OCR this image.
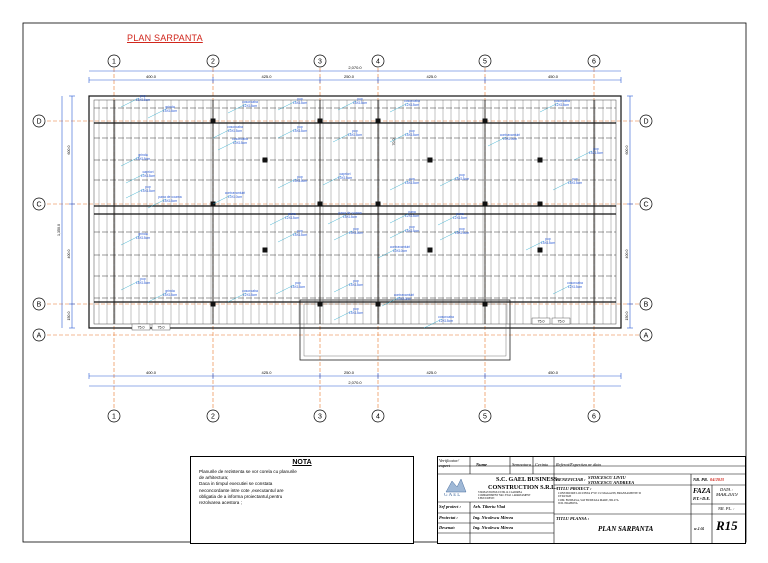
1
1
2
2
3
3
4
4
5
5
6
6
D	D
C	C
B	B
A	A
75.0	75.0
75.0	75.0
70.0
400.0	425.0	250.0	425.0	450.0
400.0	425.0	250.0	425.0	450.0
2,070.0
2,070.0
600.0
400.0
150.0
600.0
400.0
150.0
1,350.0
pop
15X15cm
grinda
15X15cm
cosoroaba
12X15cm
pop
15X15cm
pop
15X15cm
cosoroaba
12X15cm
cosoroaba
12X15cm
cosoroaba
10X15cm
cosoroaba
10X15cm
pop
15X15cm	pop
15X15cm
pop
15X15cm	contravantuiri
10X10cm
pop
15X15cm
grinda
15X15cm
capriori
10X15cm	pop
15X15cm
capriori
10X15cm	pop
15X15cm
pop
15X15cm	pop
15X15cm
pop
15X15cm
pana de coama
15X15cm
contravantuiri
10X10cm
pana
12X15cm
pana de coama
15X15cm
pana
12X15cm
pana
12X15cm
grinda
15X15cm
pop
15X15cm
pop
15X15cm
pop
15X15cm
contravantuiri
10X10cm
pop
15X15cm
pop
15X15cm
pop
15X15cm
grinda
15X15cm
cosoroaba
12X15cm
pop
15X15cm
pop
15X15cm
contravantuiri
10X10cm
cosoroaba
12X15cm
pop
15X15cm
cosoroaba
12X15cm
PLAN SARPANTA
NOTA

Planurile de rezistenta se vor corela cu planurile

de arhitectura;

Daca in timpul executiei se constata

neconcordante intre cote ,executantul are

obligatia de a informa proiectantul,pentru

rezolvarea acestora ;

Verificator/ expert	Nume	Semnatura Cerinta Referat/Expertiza nr data
S.C. GAEL BUSINESS
CONSTRUCTION S.R.L.
GAEL
STR.BASTIONULUI NR.14 CLADIREA
COMPARTIMENT NR.1 ETAJ 1 APARTAMENT
6 BUCURESTI
Sef proiect :	Arh. Tiberiu Vlad
Proiectat :	Ing. Nicolescu Mircea
Desenat:	Ing. Nicolescu Mircea
BENEFICIAR : STOICESCU LIVIU
STOICESCU ANDREEA
TITLU PROIECT :
CONSTRUIRE LOCUINTA P+1E CU MAGAZIN, BRANSAMENTE SI
UTILITATI
COM. BUDEASA, SAT BUDEASA MARE, NR.27A
JUD. PRAHOVA
TITLU PLANSA :
PLAN SARPANTA
NR. PR. 04/2019
FAZA
P.T.+D.E.
DATA :
MAR.2019
sc.1:50
NR. PL. :
R15
